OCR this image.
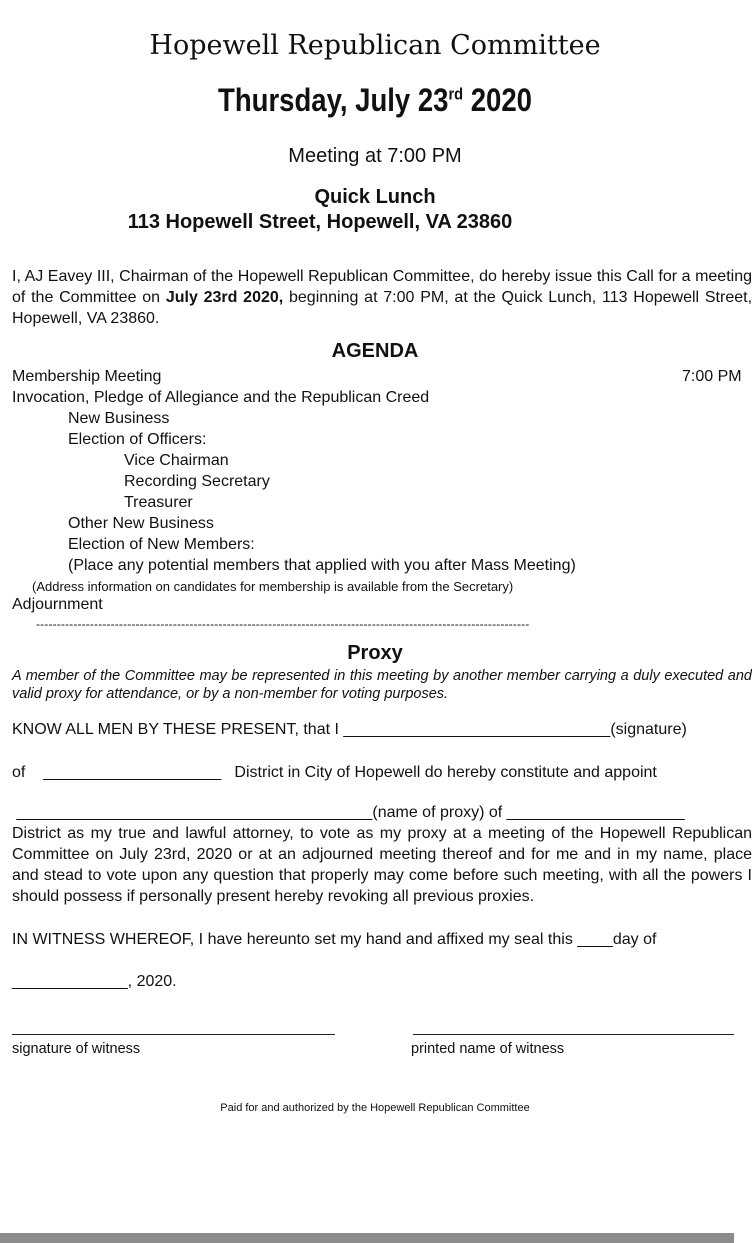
Hopewell Republican Committee
Thursday, July 23rd 2020
Meeting at 7:00 PM
Quick Lunch
113 Hopewell Street, Hopewell, VA 23860
I, AJ Eavey III, Chairman of the Hopewell Republican Committee, do hereby issue this Call for a meeting of the Committee on July 23rd 2020, beginning at 7:00 PM, at the Quick Lunch, 113 Hopewell Street, Hopewell, VA 23860.
AGENDA
Membership Meeting	7:00 PM
Invocation, Pledge of Allegiance and the Republican Creed
New Business
Election of Officers:
Vice Chairman
Recording Secretary
Treasurer
Other New Business
Election of New Members:
(Place any potential members that applied with you after Mass Meeting)
(Address information on candidates for membership is available from the Secretary)
Adjournment
-----------------------------------------------------------------------------------------------------------------------
Proxy
A member of the Committee may be represented in this meeting by another member carrying a duly executed and valid proxy for attendance, or by a non-member for voting purposes.
KNOW ALL MEN BY THESE PRESENT, that I ______________________________(signature)
of    ____________________   District in City of Hopewell do hereby constitute and appoint
________________________________________(name of proxy) of ____________________
District as my true and lawful attorney, to vote as my proxy at a meeting of the Hopewell Republican Committee on July 23rd, 2020 or at an adjourned meeting thereof and for me and in my name, place and stead to vote upon any question that properly may come before such meeting, with all the powers I should possess if personally present hereby revoking all previous proxies.
IN WITNESS WHEREOF, I have hereunto set my hand and affixed my seal this ____day of
_____________, 2020.
signature of witness	printed name of witness
Paid for and authorized by the Hopewell Republican Committee
